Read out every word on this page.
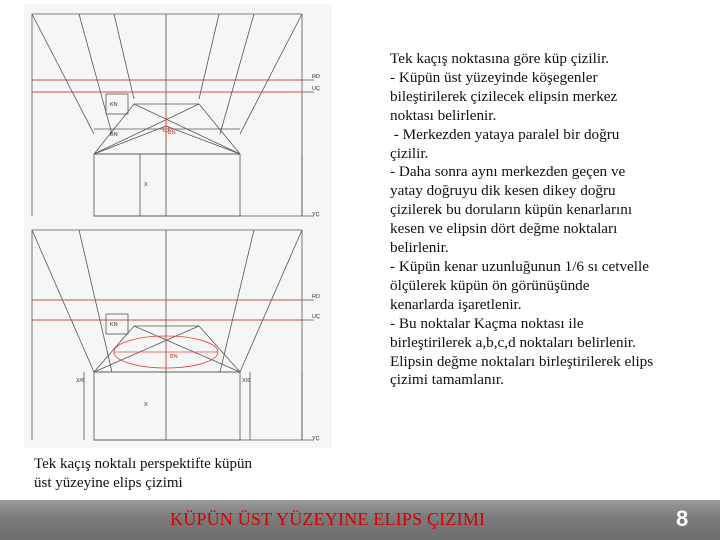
RD
UÇ
KN
BN	BN
X
YÇ
RD
UÇ
KN
BN
X/6	X/6
X
YÇ

Tek kaçış noktasına göre küp çizilir.

- Küpün üst yüzeyinde köşegenler

bileştirilerek çizilecek elipsin merkez

noktası belirlenir.

- Merkezden yataya paralel bir doğru

çizilir.

- Daha sonra aynı merkezden geçen ve

yatay doğruyu dik kesen dikey doğru

çizilerek bu doruların küpün kenarlarını

kesen ve elipsin dört değme noktaları

belirlenir.

- Küpün kenar uzunluğunun 1/6 sı cetvelle

ölçülerek küpün ön görünüşünde

kenarlarda işaretlenir.

- Bu noktalar Kaçma noktası ile

birleştirilerek a,b,c,d noktaları belirlenir.

Elipsin değme noktaları birleştirilerek elips

çizimi tamamlanır.

Tek kaçış noktalı perspektifte küpün

üst yüzeyine elips çizimi

KÜPÜN ÜST YÜZEYINE ELIPS ÇIZIMI	8
